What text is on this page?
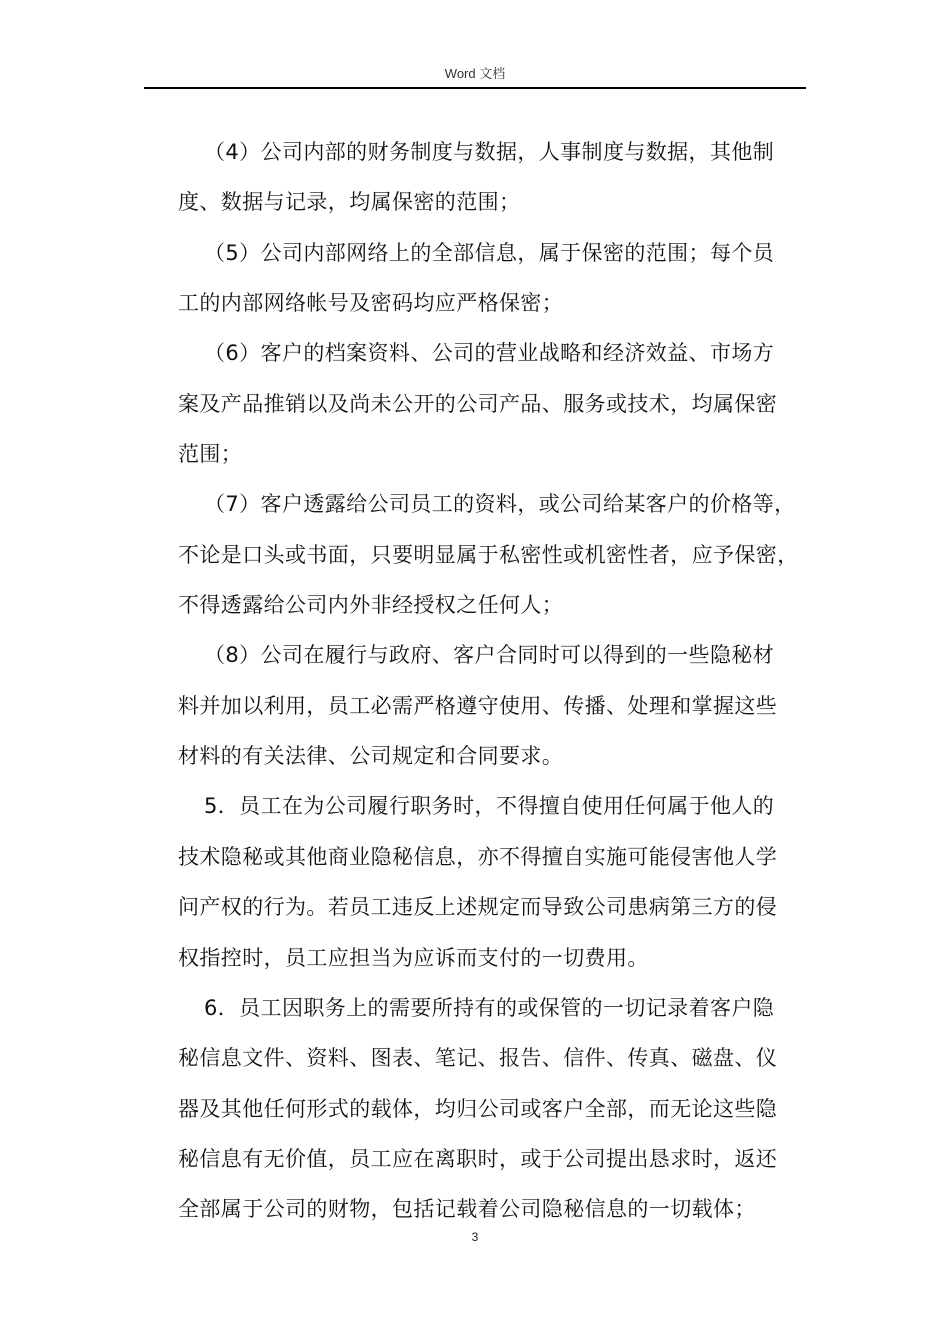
Word 文档
（4）公司内部的财务制度与数据，人事制度与数据，其他制
度、数据与记录，均属保密的范围；
（5）公司内部网络上的全部信息，属于保密的范围；每个员
工的内部网络帐号及密码均应严格保密；
（6）客户的档案资料、公司的营业战略和经济效益、市场方
案及产品推销以及尚未公开的公司产品、服务或技术，均属保密
范围；
（7）客户透露给公司员工的资料，或公司给某客户的价格等，
不论是口头或书面，只要明显属于私密性或机密性者，应予保密，
不得透露给公司内外非经授权之任何人；
（8）公司在履行与政府、客户合同时可以得到的一些隐秘材
料并加以利用，员工必需严格遵守使用、传播、处理和掌握这些
材料的有关法律、公司规定和合同要求。
5．员工在为公司履行职务时，不得擅自使用任何属于他人的
技术隐秘或其他商业隐秘信息，亦不得擅自实施可能侵害他人学
问产权的行为。若员工违反上述规定而导致公司患病第三方的侵
权指控时，员工应担当为应诉而支付的一切费用。
6．员工因职务上的需要所持有的或保管的一切记录着客户隐
秘信息文件、资料、图表、笔记、报告、信件、传真、磁盘、仪
器及其他任何形式的载体，均归公司或客户全部，而无论这些隐
秘信息有无价值，员工应在离职时，或于公司提出恳求时，返还
全部属于公司的财物，包括记载着公司隐秘信息的一切载体；
3
